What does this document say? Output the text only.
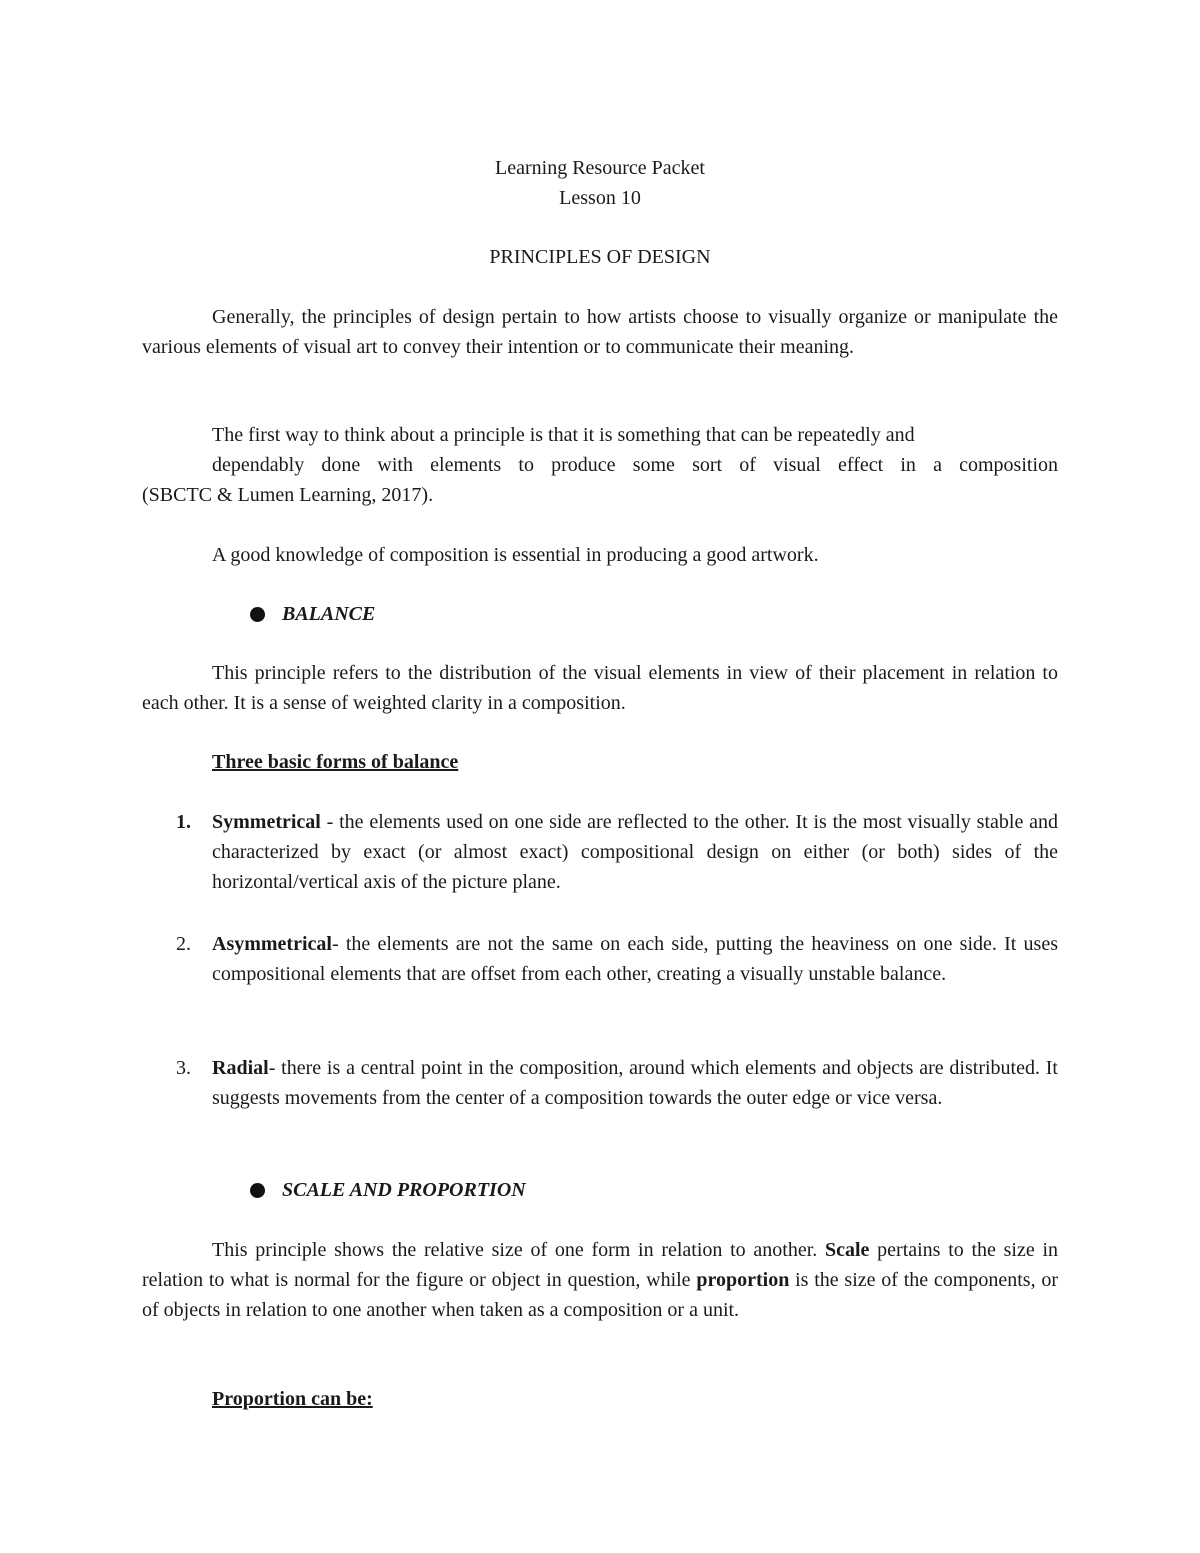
Learning Resource Packet
Lesson 10
PRINCIPLES OF DESIGN
Generally, the principles of design pertain to how artists choose to visually organize or manipulate the various elements of visual art to convey their intention or to communicate their meaning.
The first way to think about a principle is that it is something that can be repeatedly and
dependably done with elements to produce some sort of visual effect in a composition
(SBCTC & Lumen Learning, 2017).
A good knowledge of composition is essential in producing a good artwork.
BALANCE
This principle refers to the distribution of the visual elements in view of their placement in relation to each other. It is a sense of weighted clarity in a composition.
Three basic forms of balance
1. Symmetrical - the elements used on one side are reflected to the other. It is the most visually stable and characterized by exact (or almost exact) compositional design on either (or both) sides of the horizontal/vertical axis of the picture plane.
2. Asymmetrical- the elements are not the same on each side, putting the heaviness on one side. It uses compositional elements that are offset from each other, creating a visually unstable balance.
3. Radial- there is a central point in the composition, around which elements and objects are distributed. It suggests movements from the center of a composition towards the outer edge or vice versa.
SCALE AND PROPORTION
This principle shows the relative size of one form in relation to another. Scale pertains to the size in relation to what is normal for the figure or object in question, while proportion is the size of the components, or of objects in relation to one another when taken as a composition or a unit.
Proportion can be:
